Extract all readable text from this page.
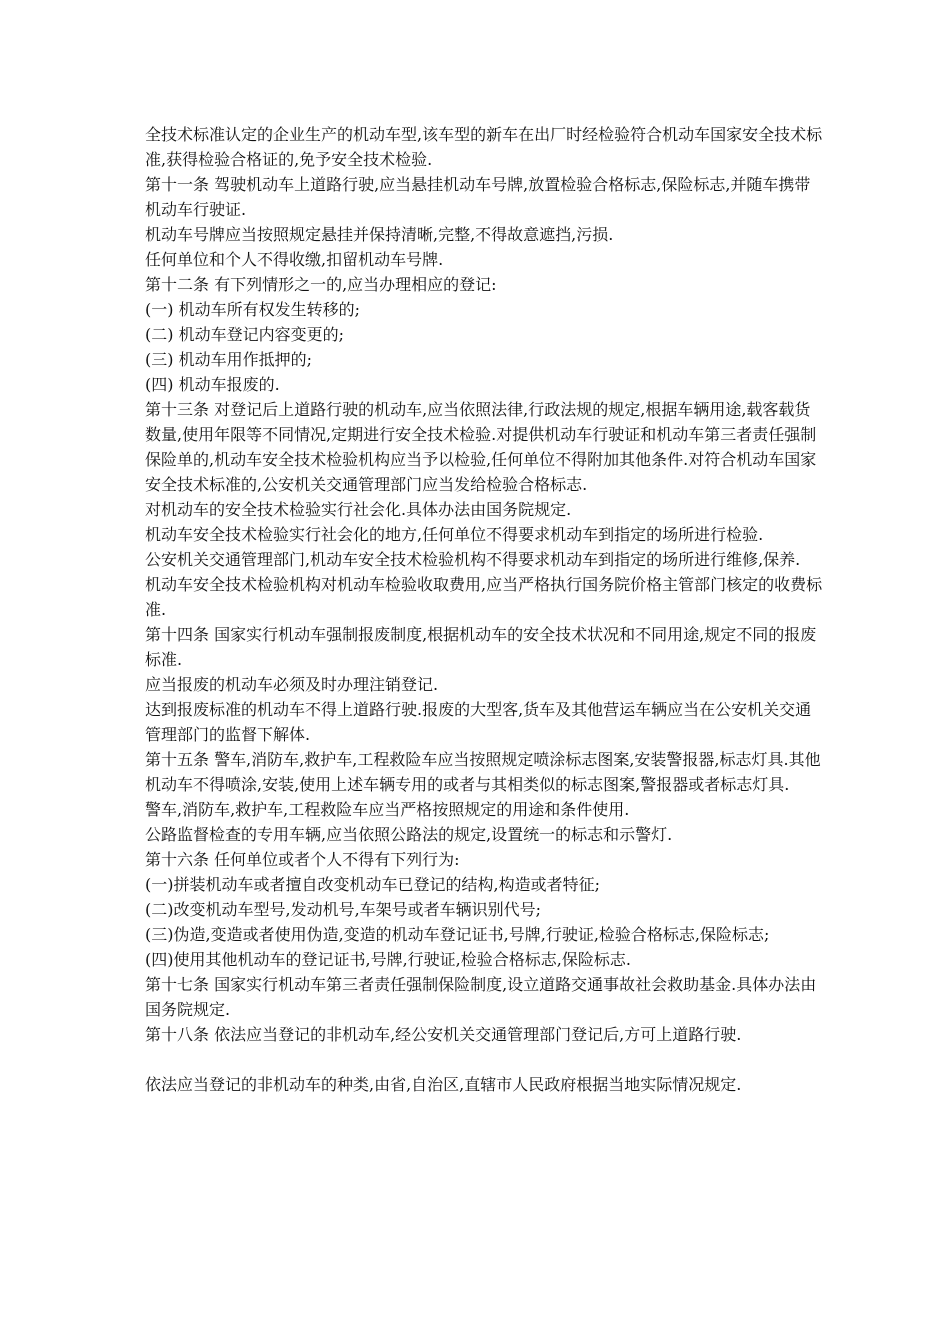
全技术标准认定的企业生产的机动车型,该车型的新车在出厂时经检验符合机动车国家安全技术标准,获得检验合格证的,免予安全技术检验.

第十一条 驾驶机动车上道路行驶,应当悬挂机动车号牌,放置检验合格标志,保险标志,并随车携带机动车行驶证.

机动车号牌应当按照规定悬挂并保持清晰,完整,不得故意遮挡,污损.

任何单位和个人不得收缴,扣留机动车号牌.

第十二条 有下列情形之一的,应当办理相应的登记:

(一) 机动车所有权发生转移的;

(二) 机动车登记内容变更的;

(三) 机动车用作抵押的;

(四) 机动车报废的.

第十三条 对登记后上道路行驶的机动车,应当依照法律,行政法规的规定,根据车辆用途,载客载货数量,使用年限等不同情况,定期进行安全技术检验.对提供机动车行驶证和机动车第三者责任强制保险单的,机动车安全技术检验机构应当予以检验,任何单位不得附加其他条件.对符合机动车国家安全技术标准的,公安机关交通管理部门应当发给检验合格标志.

对机动车的安全技术检验实行社会化.具体办法由国务院规定.

机动车安全技术检验实行社会化的地方,任何单位不得要求机动车到指定的场所进行检验.

公安机关交通管理部门,机动车安全技术检验机构不得要求机动车到指定的场所进行维修,保养.

机动车安全技术检验机构对机动车检验收取费用,应当严格执行国务院价格主管部门核定的收费标准.

第十四条 国家实行机动车强制报废制度,根据机动车的安全技术状况和不同用途,规定不同的报废标准.

应当报废的机动车必须及时办理注销登记.

达到报废标准的机动车不得上道路行驶.报废的大型客,货车及其他营运车辆应当在公安机关交通管理部门的监督下解体.

第十五条 警车,消防车,救护车,工程救险车应当按照规定喷涂标志图案,安装警报器,标志灯具.其他机动车不得喷涂,安装,使用上述车辆专用的或者与其相类似的标志图案,警报器或者标志灯具.

警车,消防车,救护车,工程救险车应当严格按照规定的用途和条件使用.

公路监督检查的专用车辆,应当依照公路法的规定,设置统一的标志和示警灯.

第十六条 任何单位或者个人不得有下列行为:

(一)拼装机动车或者擅自改变机动车已登记的结构,构造或者特征;

(二)改变机动车型号,发动机号,车架号或者车辆识别代号;

(三)伪造,变造或者使用伪造,变造的机动车登记证书,号牌,行驶证,检验合格标志,保险标志;

(四)使用其他机动车的登记证书,号牌,行驶证,检验合格标志,保险标志.

第十七条 国家实行机动车第三者责任强制保险制度,设立道路交通事故社会救助基金.具体办法由国务院规定.

第十八条 依法应当登记的非机动车,经公安机关交通管理部门登记后,方可上道路行驶.

依法应当登记的非机动车的种类,由省,自治区,直辖市人民政府根据当地实际情况规定.
